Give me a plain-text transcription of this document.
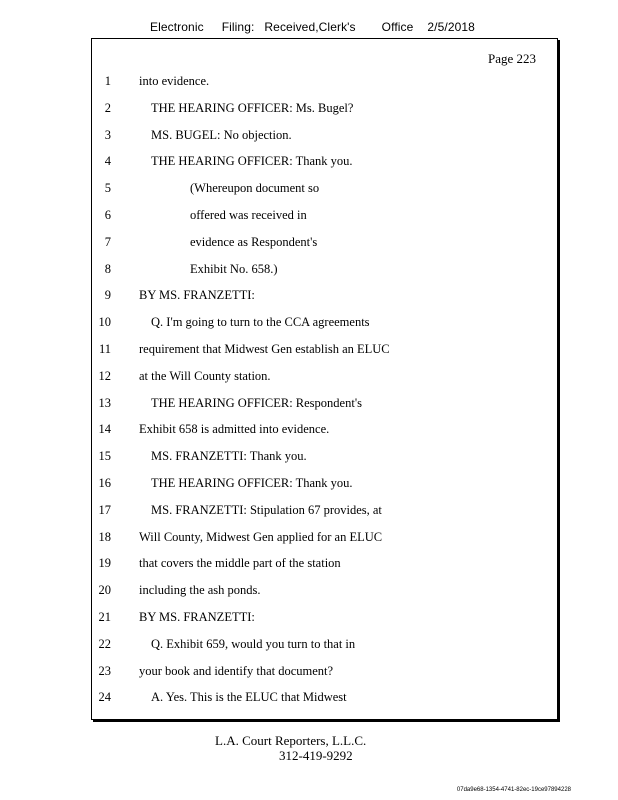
Electronic Filing: Received,Clerk's Office 2/5/2018
Page 223
1 into evidence.
2	THE HEARING OFFICER: Ms. Bugel?
3	MS. BUGEL: No objection.
4	THE HEARING OFFICER: Thank you.
5	(Whereupon document so
6	offered was received in
7	evidence as Respondent's
8	Exhibit No. 658.)
9 BY MS. FRANZETTI:
10	Q. I'm going to turn to the CCA agreements
11 requirement that Midwest Gen establish an ELUC
12 at the Will County station.
13	THE HEARING OFFICER: Respondent's
14 Exhibit 658 is admitted into evidence.
15	MS. FRANZETTI: Thank you.
16	THE HEARING OFFICER: Thank you.
17	MS. FRANZETTI: Stipulation 67 provides, at
18 Will County, Midwest Gen applied for an ELUC
19 that covers the middle part of the station
20 including the ash ponds.
21 BY MS. FRANZETTI:
22	Q. Exhibit 659, would you turn to that in
23 your book and identify that document?
24	A. Yes. This is the ELUC that Midwest
L.A. Court Reporters, L.L.C.
312-419-9292
07da9e68-1354-4741-82ec-19ce97894228
